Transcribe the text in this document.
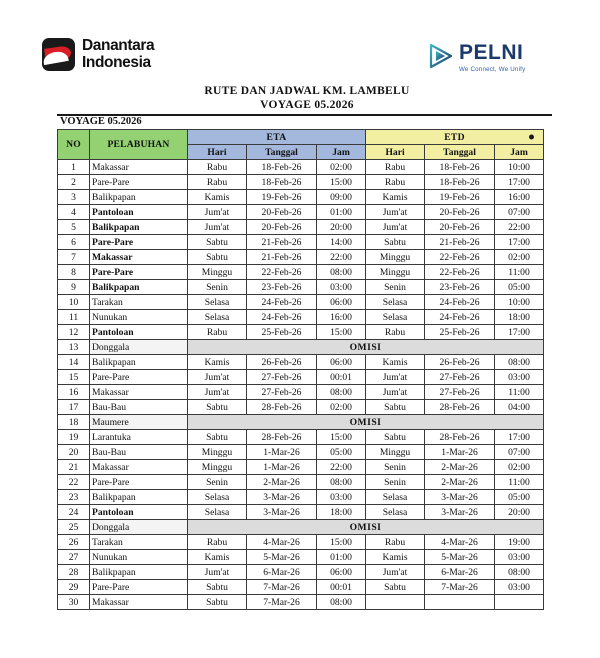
Danantara
Indonesia	PELNI
We Connect, We Unify
RUTE DAN JADWAL KM. LAMBELU
VOYAGE 05.2026
VOYAGE 05.2026
NO	PELABUHAN	ETA			ETD		

		Hari	Tanggal	Jam	Hari	Tanggal	Jam
1	Makassar	Rabu	18-Feb-26	02:00	Rabu	18-Feb-26	10:00
2	Pare-Pare	Rabu	18-Feb-26	15:00	Rabu	18-Feb-26	17:00
3	Balikpapan	Kamis	19-Feb-26	09:00	Kamis	19-Feb-26	16:00
4	Pantoloan	Jum'at	20-Feb-26	01:00	Jum'at	20-Feb-26	07:00
5	Balikpapan	Jum'at	20-Feb-26	20:00	Jum'at	20-Feb-26	22:00
6	Pare-Pare	Sabtu	21-Feb-26	14:00	Sabtu	21-Feb-26	17:00
7	Makassar	Sabtu	21-Feb-26	22:00	Minggu	22-Feb-26	02:00
8	Pare-Pare	Minggu	22-Feb-26	08:00	Minggu	22-Feb-26	11:00
9	Balikpapan	Senin	23-Feb-26	03:00	Senin	23-Feb-26	05:00
10	Tarakan	Selasa	24-Feb-26	06:00	Selasa	24-Feb-26	10:00
11	Nunukan	Selasa	24-Feb-26	16:00	Selasa	24-Feb-26	18:00
12	Pantoloan	Rabu	25-Feb-26	15:00	Rabu	25-Feb-26	17:00
13	Donggala	OMISI					
14	Balikpapan	Kamis	26-Feb-26	06:00	Kamis	26-Feb-26	08:00
15	Pare-Pare	Jum'at	27-Feb-26	00:01	Jum'at	27-Feb-26	03:00
16	Makassar	Jum'at	27-Feb-26	08:00	Jum'at	27-Feb-26	11:00
17	Bau-Bau	Sabtu	28-Feb-26	02:00	Sabtu	28-Feb-26	04:00
18	Maumere	OMISI					
19	Larantuka	Sabtu	28-Feb-26	15:00	Sabtu	28-Feb-26	17:00
20	Bau-Bau	Minggu	1-Mar-26	05:00	Minggu	1-Mar-26	07:00
21	Makassar	Minggu	1-Mar-26	22:00	Senin	2-Mar-26	02:00
22	Pare-Pare	Senin	2-Mar-26	08:00	Senin	2-Mar-26	11:00
23	Balikpapan	Selasa	3-Mar-26	03:00	Selasa	3-Mar-26	05:00
24	Pantoloan	Selasa	3-Mar-26	18:00	Selasa	3-Mar-26	20:00
25	Donggala	OMISI					
26	Tarakan	Rabu	4-Mar-26	15:00	Rabu	4-Mar-26	19:00
27	Nunukan	Kamis	5-Mar-26	01:00	Kamis	5-Mar-26	03:00
28	Balikpapan	Jum'at	6-Mar-26	06:00	Jum'at	6-Mar-26	08:00
29	Pare-Pare	Sabtu	7-Mar-26	00:01	Sabtu	7-Mar-26	03:00
30	Makassar	Sabtu	7-Mar-26	08:00			
